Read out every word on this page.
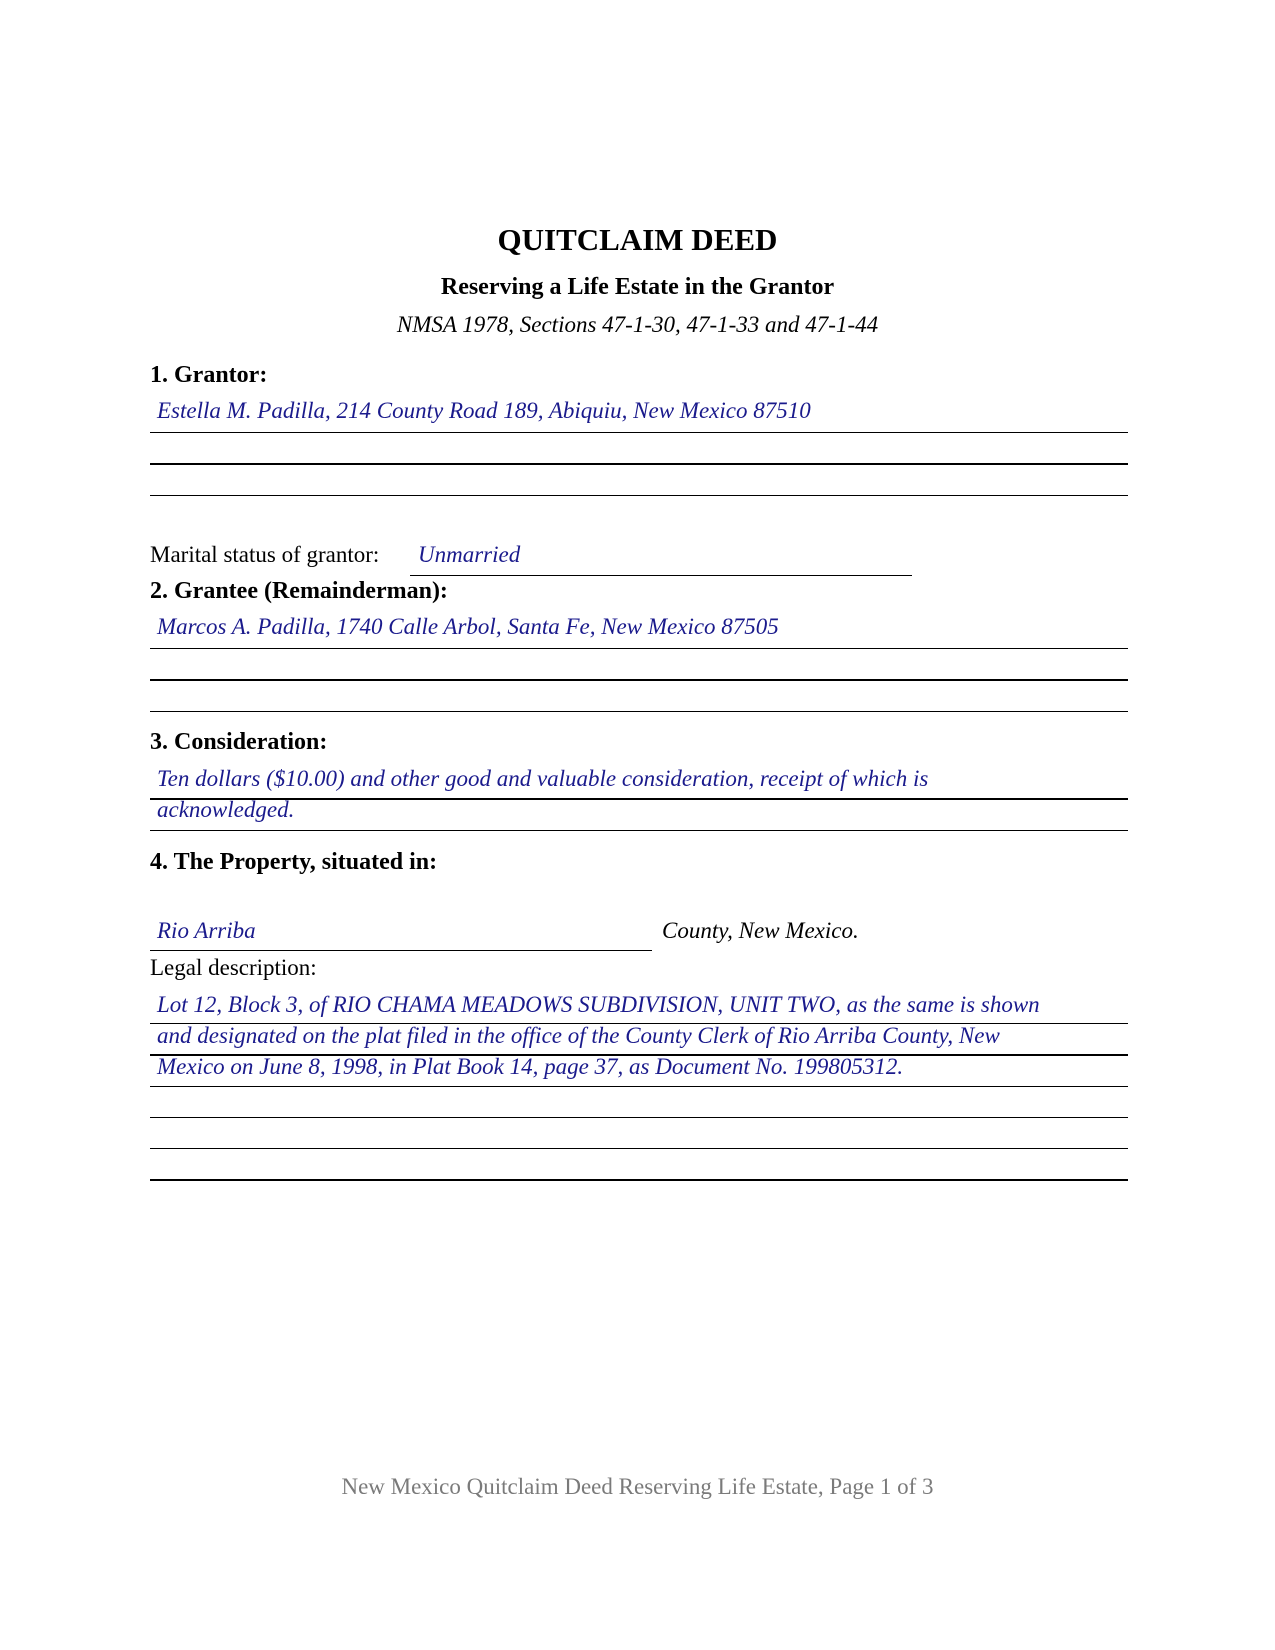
QUITCLAIM DEED
Reserving a Life Estate in the Grantor
NMSA 1978, Sections 47-1-30, 47-1-33 and 47-1-44
1. Grantor:
Estella M. Padilla, 214 County Road 189, Abiquiu, New Mexico 87510
Marital status of grantor: Unmarried
2. Grantee (Remainderman):
Marcos A. Padilla, 1740 Calle Arbol, Santa Fe, New Mexico 87505
3. Consideration:
Ten dollars ($10.00) and other good and valuable consideration, receipt of which is
acknowledged.
4. The Property, situated in:
Rio Arriba	County, New Mexico.
Legal description:
Lot 12, Block 3, of RIO CHAMA MEADOWS SUBDIVISION, UNIT TWO, as the same is shown
and designated on the plat filed in the office of the County Clerk of Rio Arriba County, New
Mexico on June 8, 1998, in Plat Book 14, page 37, as Document No. 199805312.
New Mexico Quitclaim Deed Reserving Life Estate, Page 1 of 3
